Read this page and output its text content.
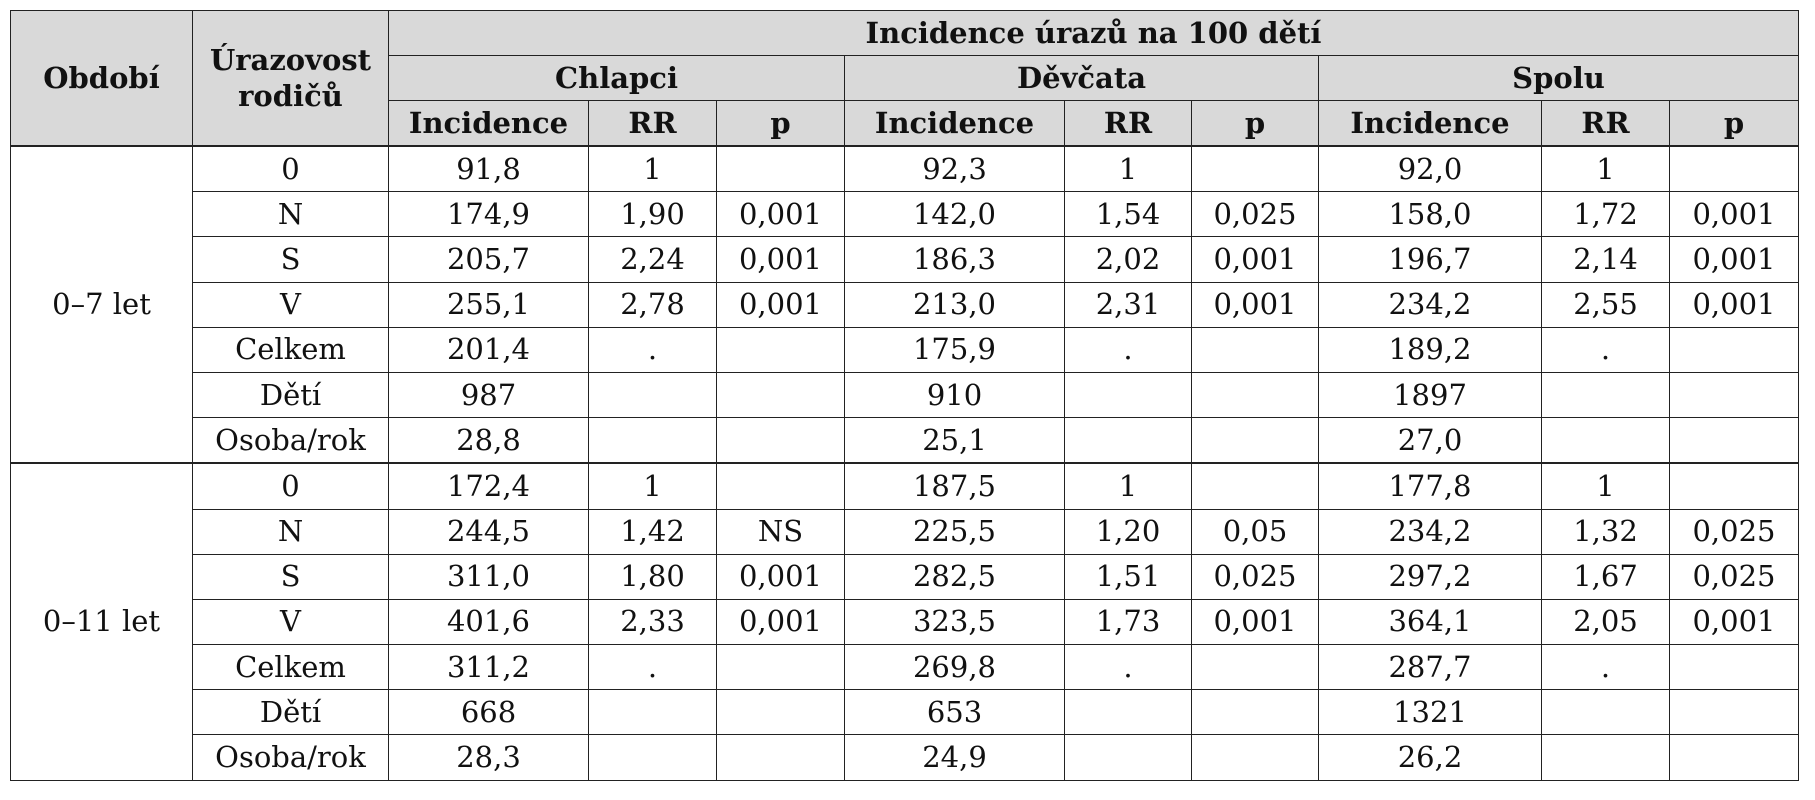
Období	Úrazovost rodičů	Incidence úrazů na 100 dětí								
		Chlapci			Děvčata			Spolu		
		Incidence	RR	p	Incidence	RR	p	Incidence	RR	p
0–7 let	0	91,8	1		92,3	1		92,0	1	
	N	174,9	1,90	0,001	142,0	1,54	0,025	158,0	1,72	0,001
	S	205,7	2,24	0,001	186,3	2,02	0,001	196,7	2,14	0,001
	V	255,1	2,78	0,001	213,0	2,31	0,001	234,2	2,55	0,001
	Celkem	201,4	.		175,9	.		189,2	.	
	Dětí	987			910			1897		
	Osoba/rok	28,8			25,1			27,0		
0–11 let	0	172,4	1		187,5	1		177,8	1	
	N	244,5	1,42	NS	225,5	1,20	0,05	234,2	1,32	0,025
	S	311,0	1,80	0,001	282,5	1,51	0,025	297,2	1,67	0,025
	V	401,6	2,33	0,001	323,5	1,73	0,001	364,1	2,05	0,001
	Celkem	311,2	.		269,8	.		287,7	.	
	Dětí	668			653			1321		
	Osoba/rok	28,3			24,9			26,2		
